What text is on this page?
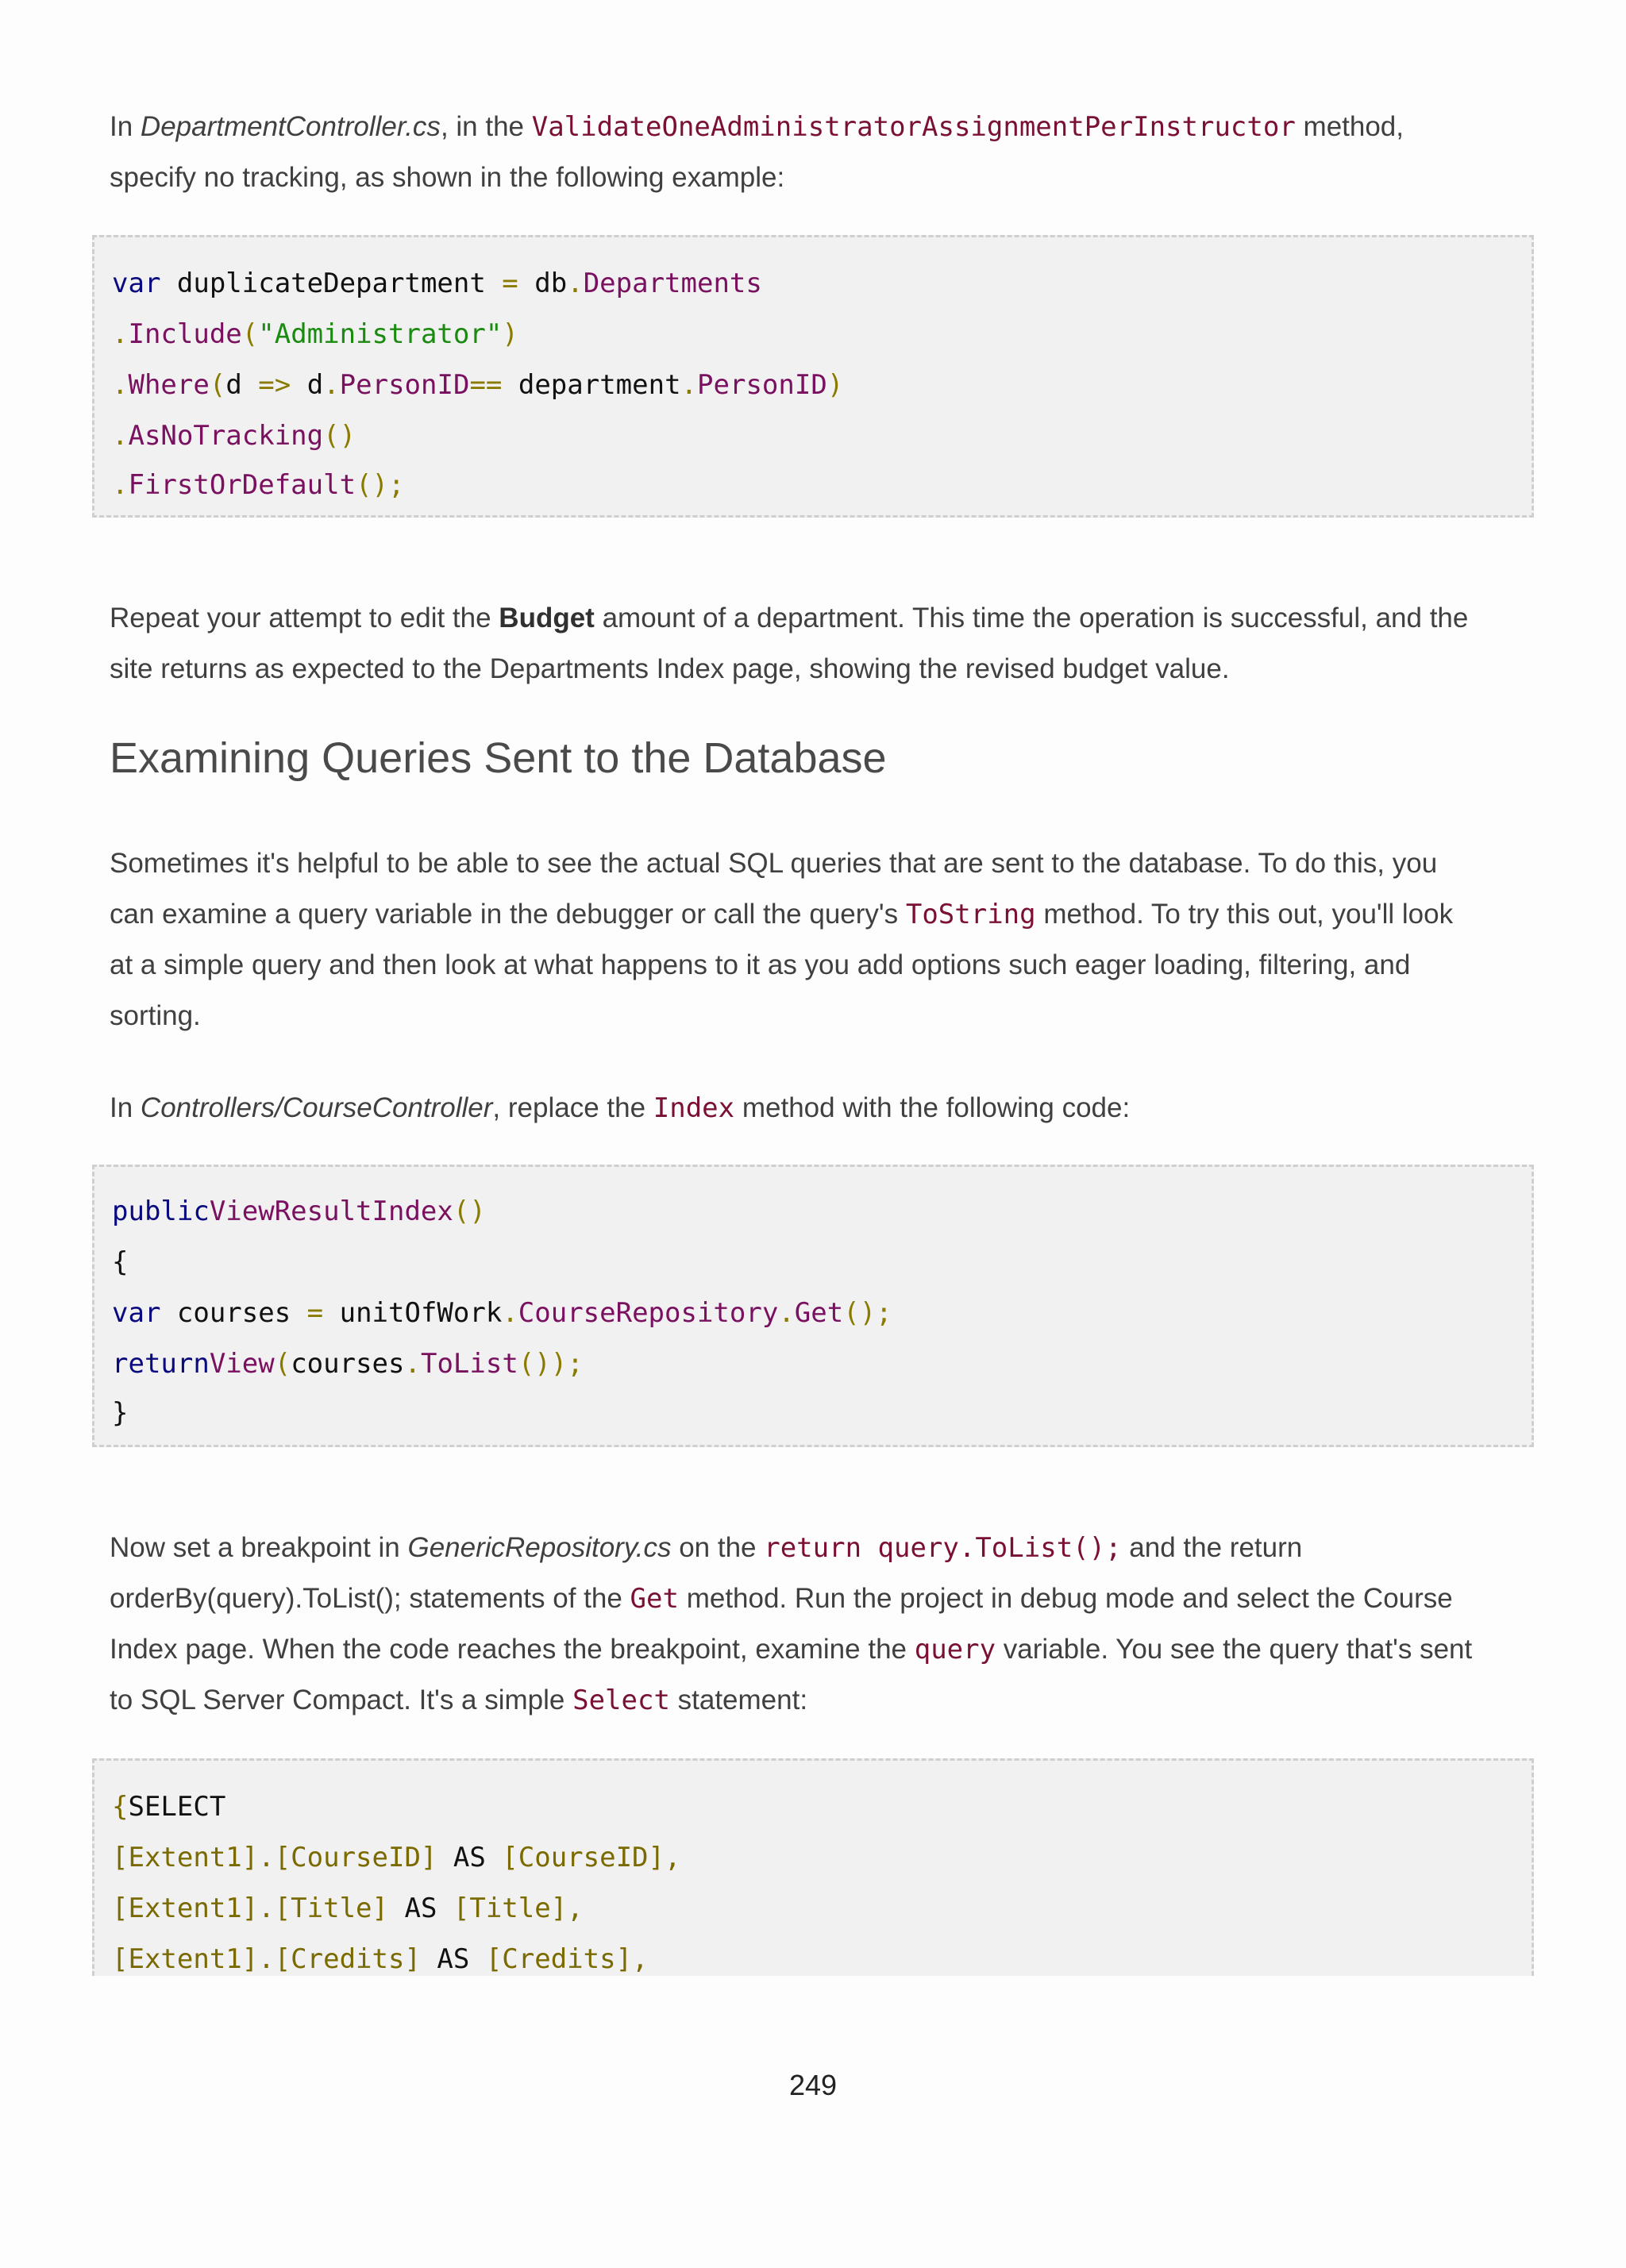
In DepartmentController.cs, in the ValidateOneAdministratorAssignmentPerInstructor method,
specify no tracking, as shown in the following example:

var duplicateDepartment = db.Departments
.Include("Administrator")
.Where(d => d.PersonID== department.PersonID)
.AsNoTracking()
.FirstOrDefault();

Repeat your attempt to edit the Budget amount of a department. This time the operation is successful, and the
site returns as expected to the Departments Index page, showing the revised budget value.

Examining Queries Sent to the Database

Sometimes it's helpful to be able to see the actual SQL queries that are sent to the database. To do this, you
can examine a query variable in the debugger or call the query's ToString method. To try this out, you'll look
at a simple query and then look at what happens to it as you add options such eager loading, filtering, and
sorting.

In Controllers/CourseController, replace the Index method with the following code:

publicViewResultIndex()
{
var courses = unitOfWork.CourseRepository.Get();
returnView(courses.ToList());
}

Now set a breakpoint in GenericRepository.cs on the return query.ToList(); and the return
orderBy(query).ToList(); statements of the Get method. Run the project in debug mode and select the Course
Index page. When the code reaches the breakpoint, examine the query variable. You see the query that's sent
to SQL Server Compact. It's a simple Select statement:

{SELECT
[Extent1].[CourseID] AS [CourseID],
[Extent1].[Title] AS [Title],
[Extent1].[Credits] AS [Credits],
249
